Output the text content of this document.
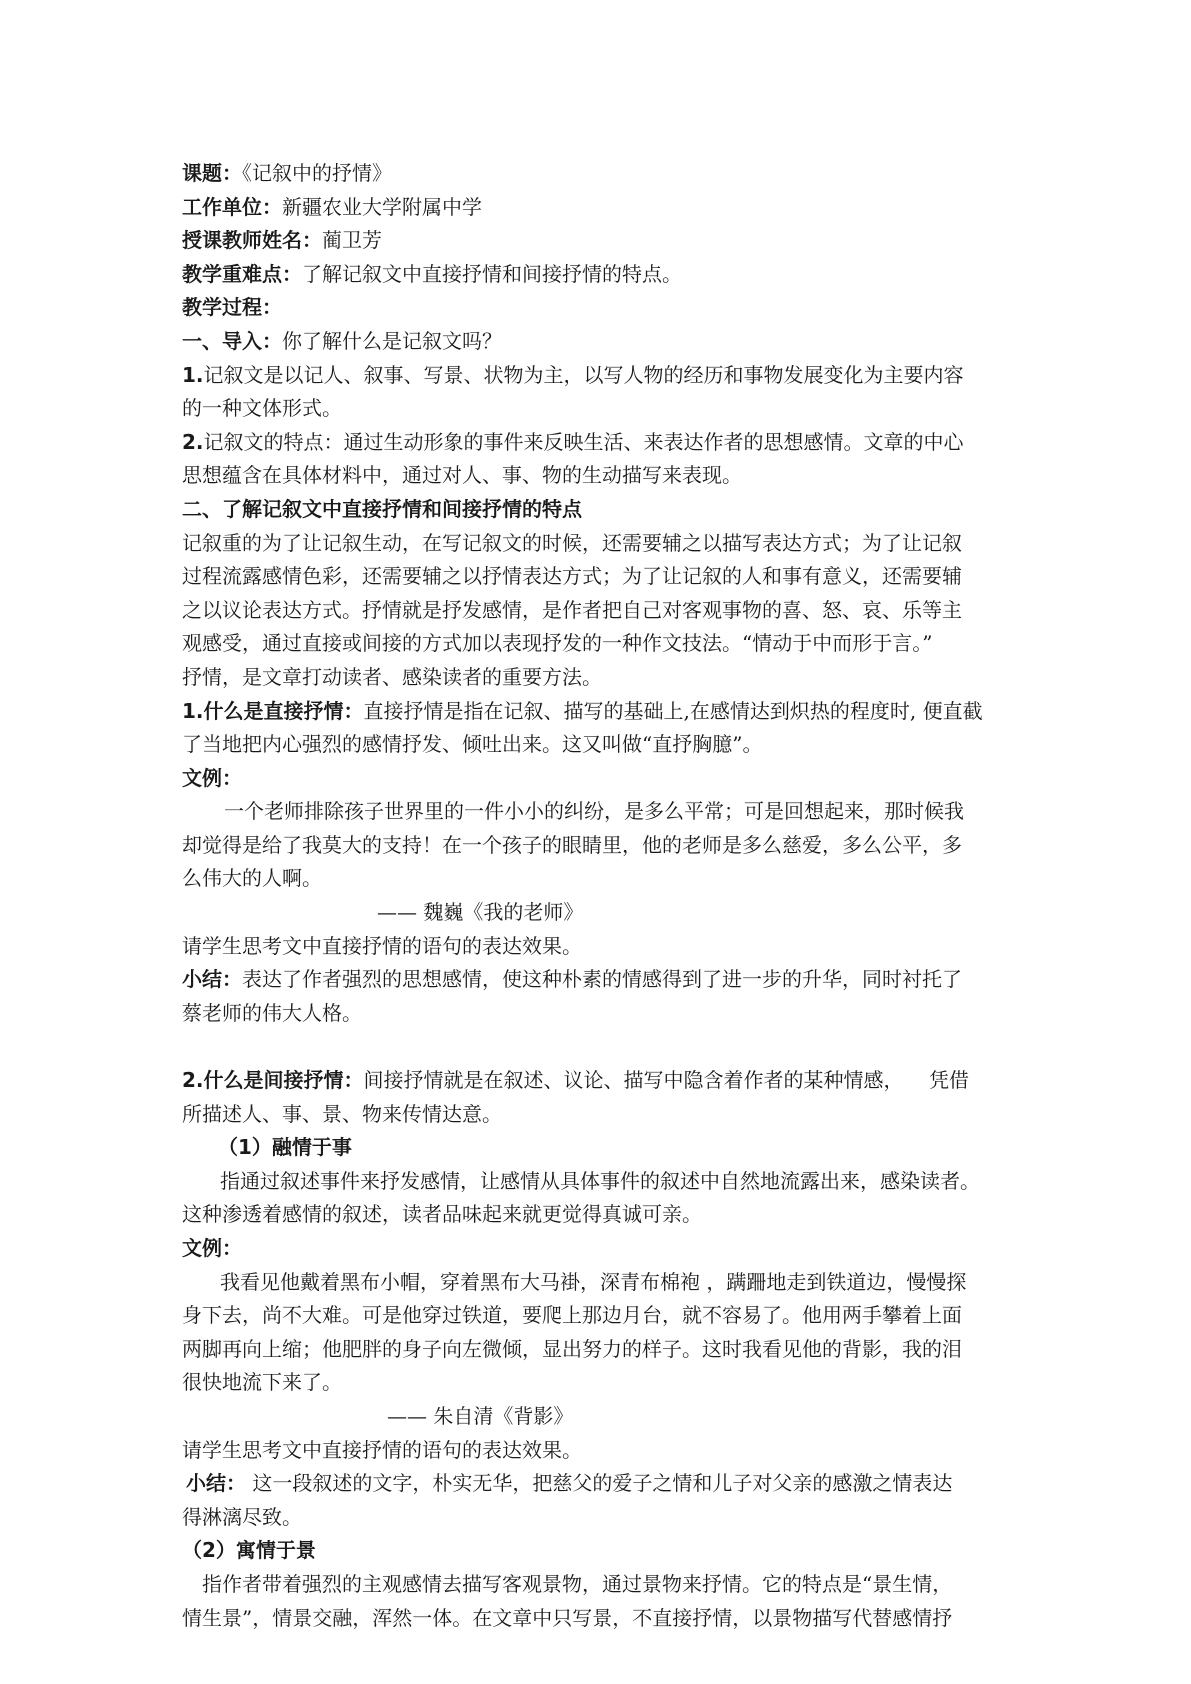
课题：《记叙中的抒情》
工作单位：新疆农业大学附属中学
授课教师姓名：蔺卫芳
教学重难点：了解记叙文中直接抒情和间接抒情的特点。
教学过程：
一、导入：你了解什么是记叙文吗？
1.记叙文是以记人、叙事、写景、状物为主，以写人物的经历和事物发展变化为主要内容
的一种文体形式。
2.记叙文的特点：通过生动形象的事件来反映生活、来表达作者的思想感情。文章的中心
思想蕴含在具体材料中，通过对人、事、物的生动描写来表现。
二、了解记叙文中直接抒情和间接抒情的特点
记叙重的为了让记叙生动，在写记叙文的时候，还需要辅之以描写表达方式；为了让记叙
过程流露感情色彩，还需要辅之以抒情表达方式；为了让记叙的人和事有意义，还需要辅
之以议论表达方式。抒情就是抒发感情，是作者把自己对客观事物的喜、怒、哀、乐等主
观感受，通过直接或间接的方式加以表现抒发的一种作文技法。“情动于中而形于言。”
抒情，是文章打动读者、感染读者的重要方法。
1.什么是直接抒情：直接抒情是指在记叙、描写的基础上,在感情达到炽热的程度时, 便直截
了当地把内心强烈的感情抒发、倾吐出来。这又叫做“直抒胸臆”。
文例：
一个老师排除孩子世界里的一件小小的纠纷，是多么平常；可是回想起来，那时候我
却觉得是给了我莫大的支持！在一个孩子的眼睛里，他的老师是多么慈爱，多么公平，多
么伟大的人啊。
—— 魏巍《我的老师》
请学生思考文中直接抒情的语句的表达效果。
小结：表达了作者强烈的思想感情，使这种朴素的情感得到了进一步的升华，同时衬托了
蔡老师的伟大人格。
2.什么是间接抒情：间接抒情就是在叙述、议论、描写中隐含着作者的某种情感，    凭借
所描述人、事、景、物来传情达意。
（1）融情于事
指通过叙述事件来抒发感情，让感情从具体事件的叙述中自然地流露出来，感染读者。
这种渗透着感情的叙述，读者品味起来就更觉得真诚可亲。
文例：
我看见他戴着黑布小帽，穿着黑布大马褂，深青布棉袍 ，蹒跚地走到铁道边，慢慢探
身下去，尚不大难。可是他穿过铁道，要爬上那边月台，就不容易了。他用两手攀着上面
两脚再向上缩；他肥胖的身子向左微倾，显出努力的样子。这时我看见他的背影，我的泪
很快地流下来了。
—— 朱自清《背影》
请学生思考文中直接抒情的语句的表达效果。
小结： 这一段叙述的文字，朴实无华，把慈父的爱子之情和儿子对父亲的感激之情表达
得淋漓尽致。
（2）寓情于景
指作者带着强烈的主观感情去描写客观景物，通过景物来抒情。它的特点是“景生情，
情生景”，情景交融，浑然一体。在文章中只写景，不直接抒情，以景物描写代替感情抒
